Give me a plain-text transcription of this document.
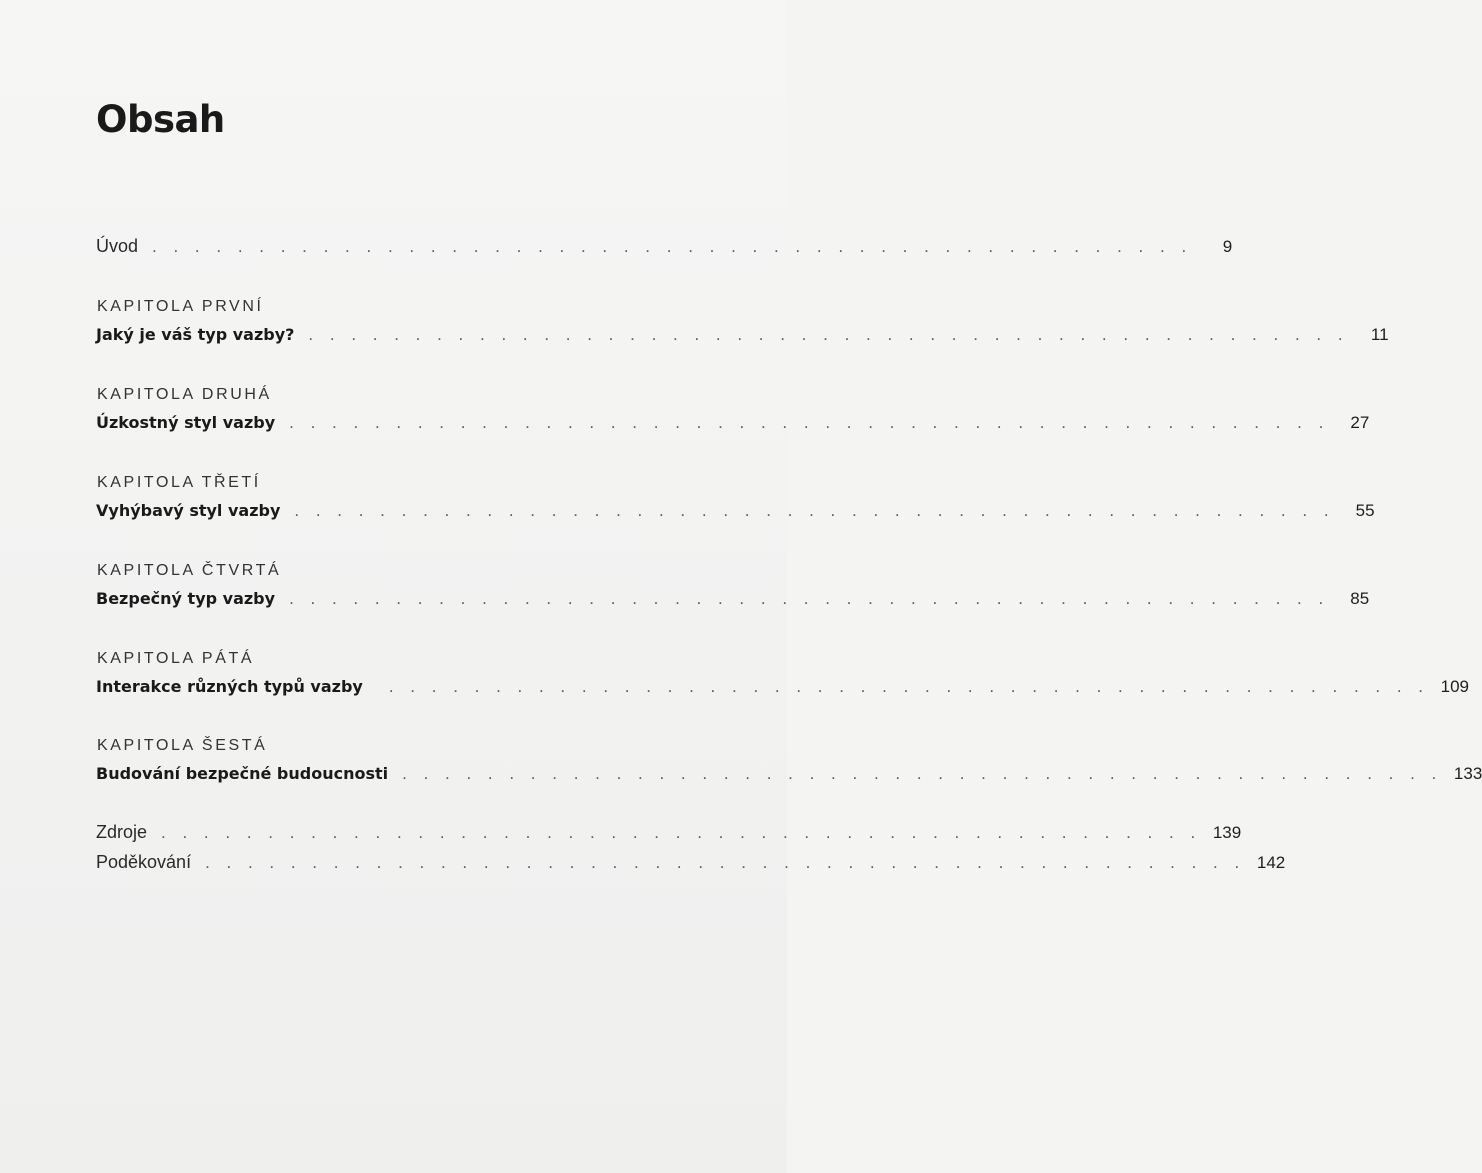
Obsah
Úvod . . . . . . . . . . . . . . . . . . . . . . . . . . . . . . . . . . . . . . . . . . . . . . . . .	9
KAPITOLA PRVNÍ
Jaký je váš typ vazby? . . . . . . . . . . . . . . . . . . . . . . . . . . . . . . . . . . . . . . . . . . . . . . . . .	11
KAPITOLA DRUHÁ
Úzkostný styl vazby . . . . . . . . . . . . . . . . . . . . . . . . . . . . . . . . . . . . . . . . . . . . . . . . .	27
KAPITOLA TŘETÍ
Vyhýbavý styl vazby . . . . . . . . . . . . . . . . . . . . . . . . . . . . . . . . . . . . . . . . . . . . . . . . .	55
KAPITOLA ČTVRTÁ
Bezpečný typ vazby . . . . . . . . . . . . . . . . . . . . . . . . . . . . . . . . . . . . . . . . . . . . . . . . .	85
KAPITOLA PÁTÁ
Interakce různých typů vazby . . . . . . . . . . . . . . . . . . . . . . . . . . . . . . . . . . . . . . . . . . . . . . . . . 109
KAPITOLA ŠESTÁ
Budování bezpečné budoucnosti . . . . . . . . . . . . . . . . . . . . . . . . . . . . . . . . . . . . . . . . . . . . . . . . . 133
Zdroje . . . . . . . . . . . . . . . . . . . . . . . . . . . . . . . . . . . . . . . . . . . . . . . . . 139
Poděkování . . . . . . . . . . . . . . . . . . . . . . . . . . . . . . . . . . . . . . . . . . . . . . . . . 142
